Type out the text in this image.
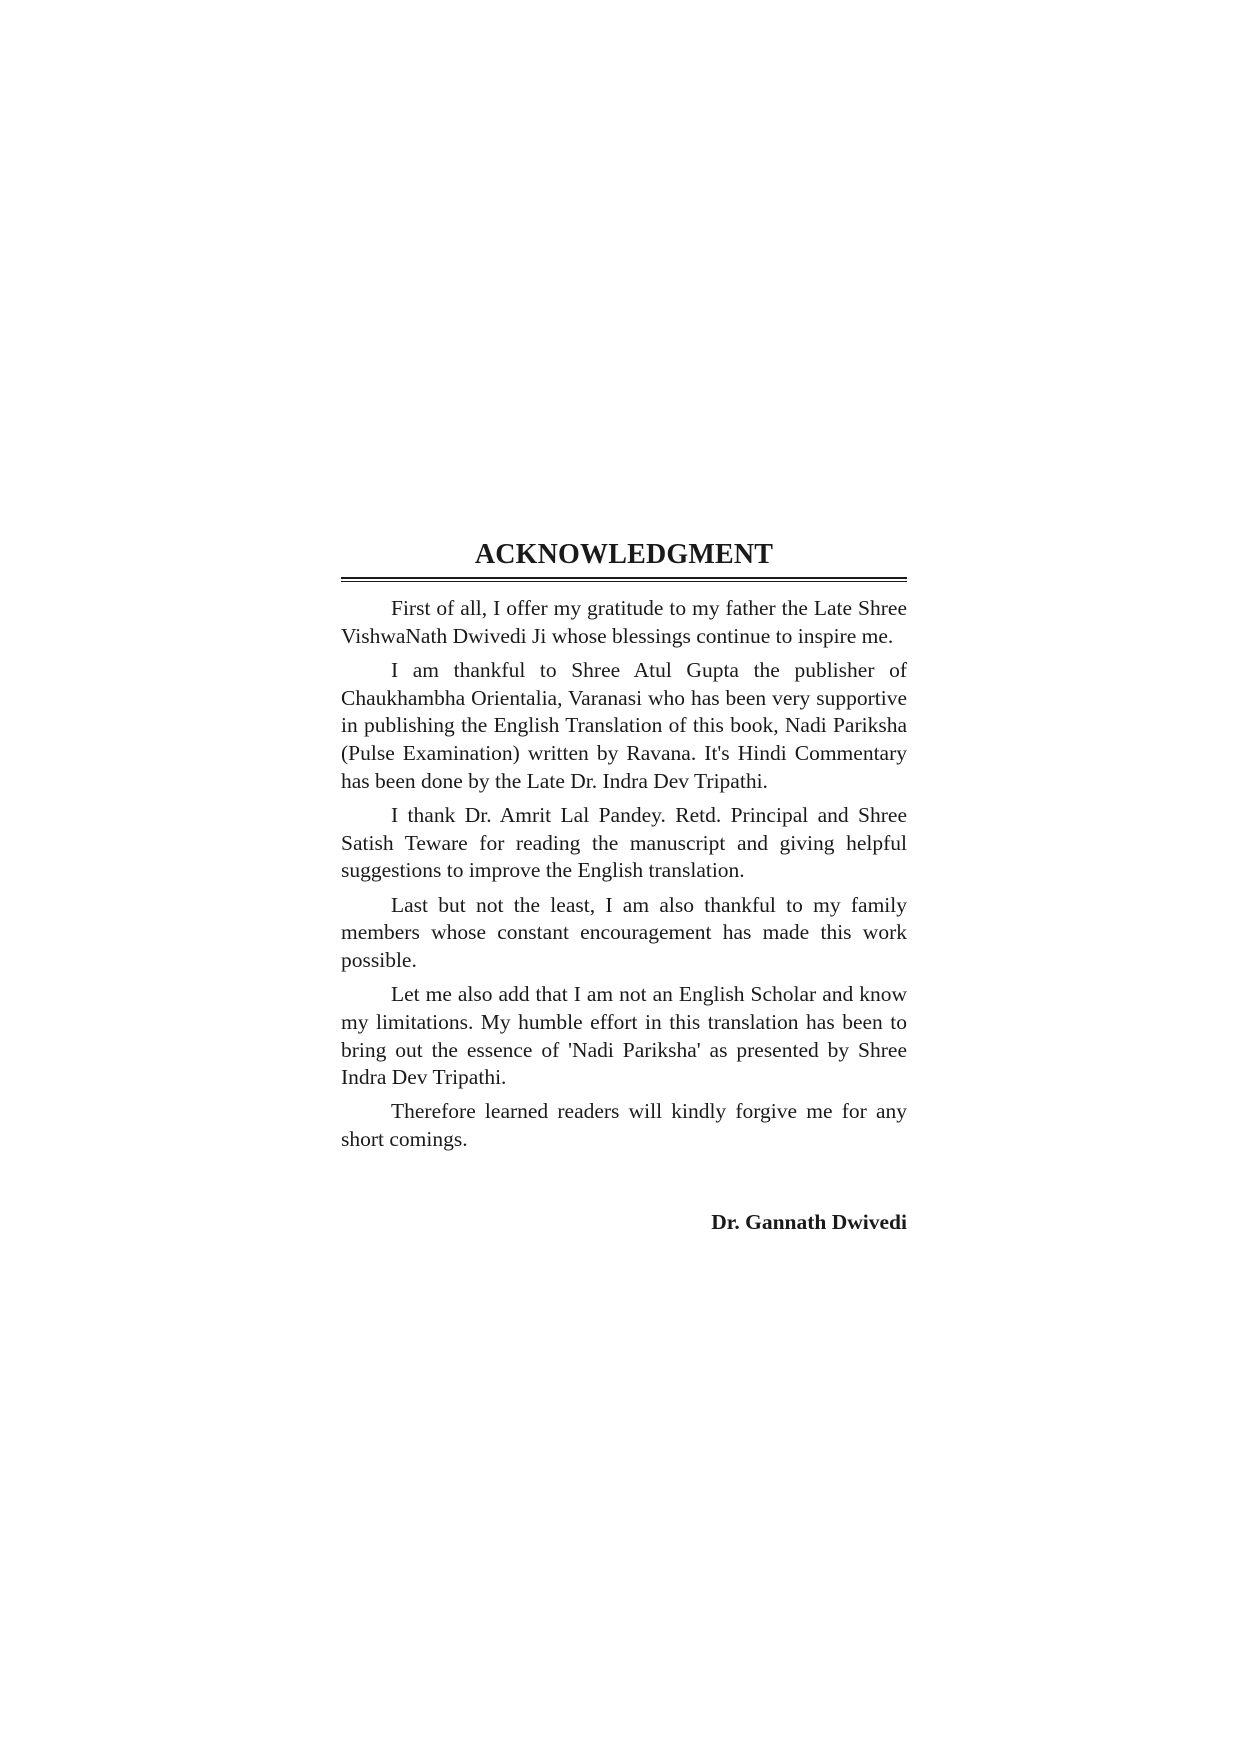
ACKNOWLEDGMENT

First of all, I offer my gratitude to my father the Late Shree VishwaNath Dwivedi Ji whose blessings continue to inspire me.

I am thankful to Shree Atul Gupta the publisher of Chaukhambha Orientalia, Varanasi who has been very supportive in publishing the English Translation of this book, Nadi Pariksha (Pulse Examination) written by Ravana. It's Hindi Commentary has been done by the Late Dr. Indra Dev Tripathi.

I thank Dr. Amrit Lal Pandey. Retd. Principal and Shree Satish Teware for reading the manuscript and giving helpful suggestions to improve the English translation.

Last but not the least, I am also thankful to my family members whose constant encouragement has made this work possible.

Let me also add that I am not an English Scholar and know my limitations. My humble effort in this translation has been to bring out the essence of 'Nadi Pariksha' as presented by Shree Indra Dev Tripathi.

Therefore learned readers will kindly forgive me for any short comings.

Dr. Gannath Dwivedi
